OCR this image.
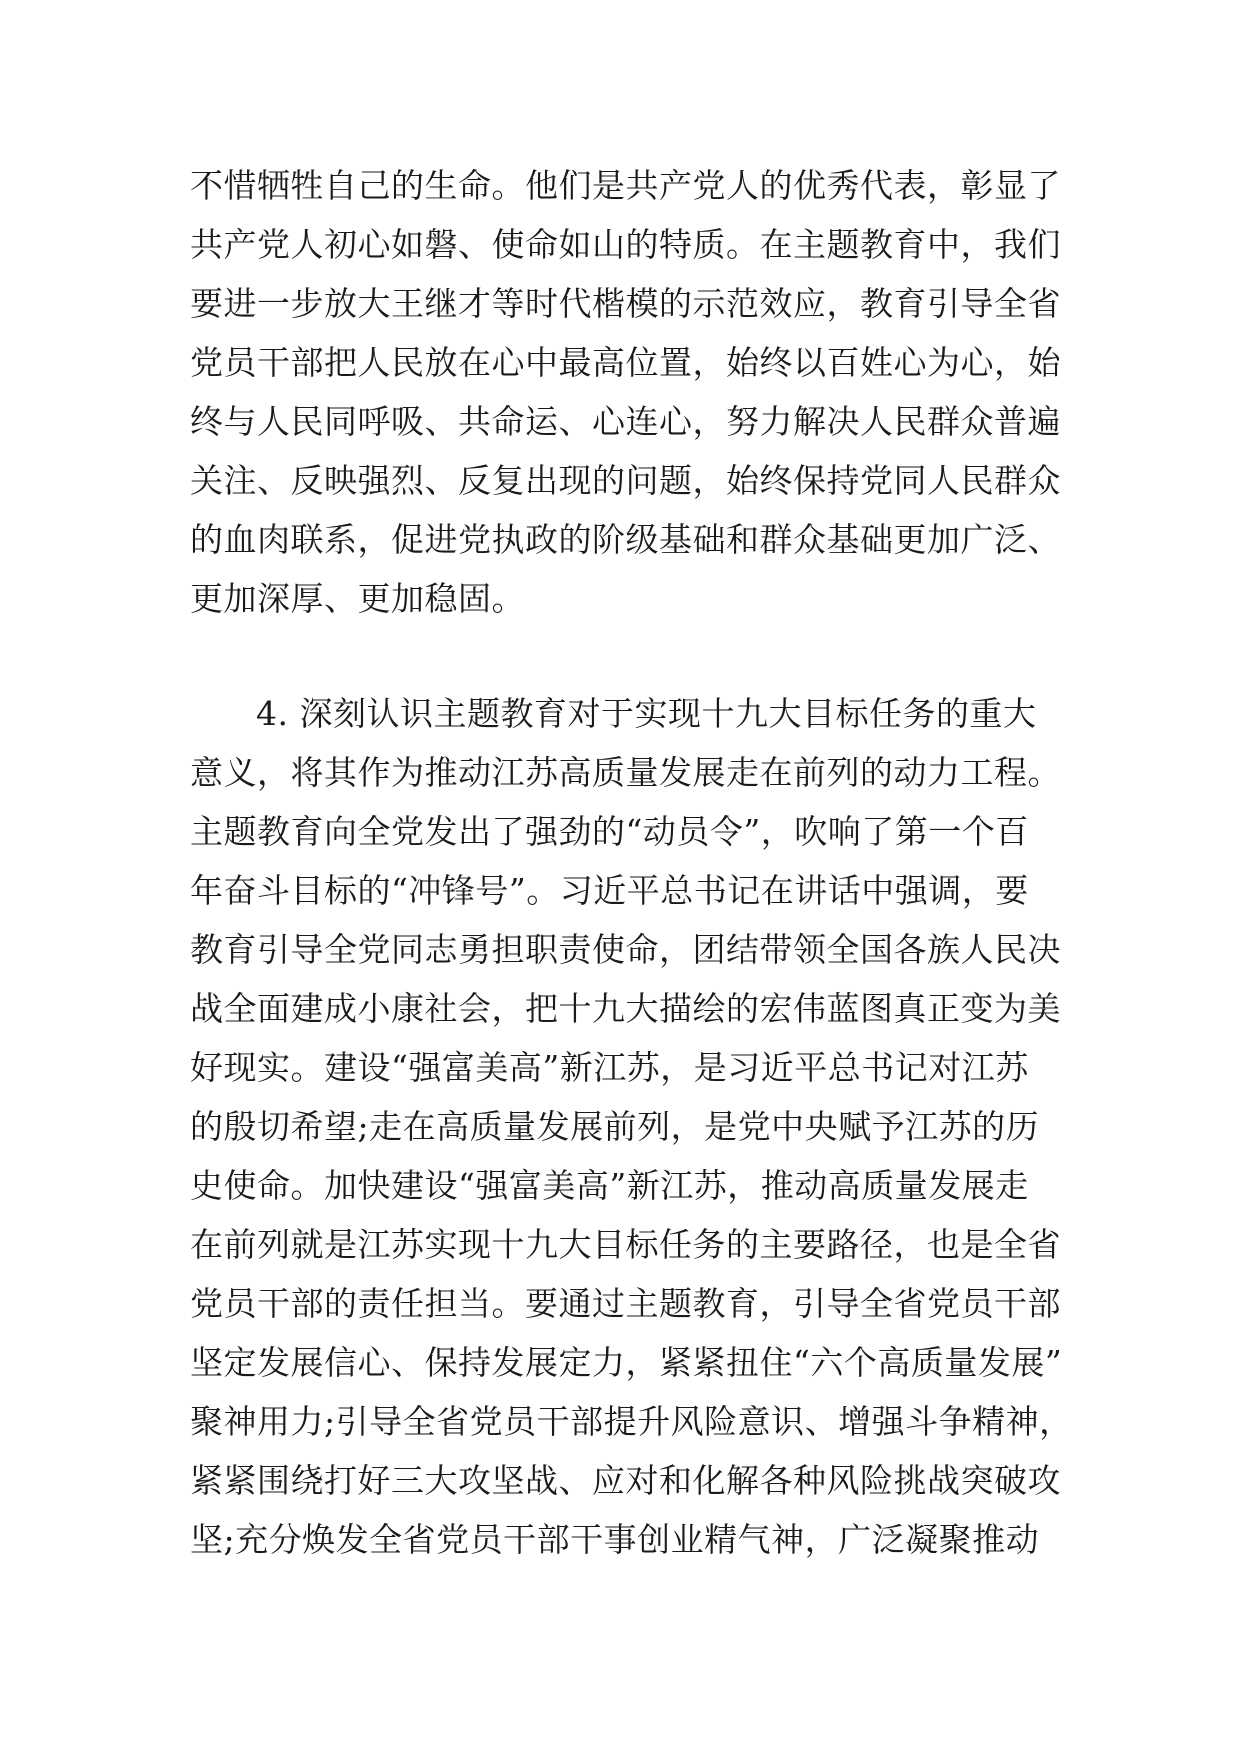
不惜牺牲自己的生命。他们是共产党人的优秀代表，彰显了
共产党人初心如磐、使命如山的特质。在主题教育中，我们
要进一步放大王继才等时代楷模的示范效应，教育引导全省
党员干部把人民放在心中最高位置，始终以百姓心为心，始
终与人民同呼吸、共命运、心连心，努力解决人民群众普遍
关注、反映强烈、反复出现的问题，始终保持党同人民群众
的血肉联系，促进党执政的阶级基础和群众基础更加广泛、
更加深厚、更加稳固。
4. 深刻认识主题教育对于实现十九大目标任务的重大
意义，将其作为推动江苏高质量发展走在前列的动力工程。
主题教育向全党发出了强劲的“动员令”，吹响了第一个百
年奋斗目标的“冲锋号”。习近平总书记在讲话中强调，要
教育引导全党同志勇担职责使命，团结带领全国各族人民决
战全面建成小康社会，把十九大描绘的宏伟蓝图真正变为美
好现实。建设“强富美高”新江苏，是习近平总书记对江苏
的殷切希望;走在高质量发展前列，是党中央赋予江苏的历
史使命。加快建设“强富美高”新江苏，推动高质量发展走
在前列就是江苏实现十九大目标任务的主要路径，也是全省
党员干部的责任担当。要通过主题教育，引导全省党员干部
坚定发展信心、保持发展定力，紧紧扭住“六个高质量发展”
聚神用力;引导全省党员干部提升风险意识、增强斗争精神，
紧紧围绕打好三大攻坚战、应对和化解各种风险挑战突破攻
坚;充分焕发全省党员干部干事创业精气神，广泛凝聚推动
